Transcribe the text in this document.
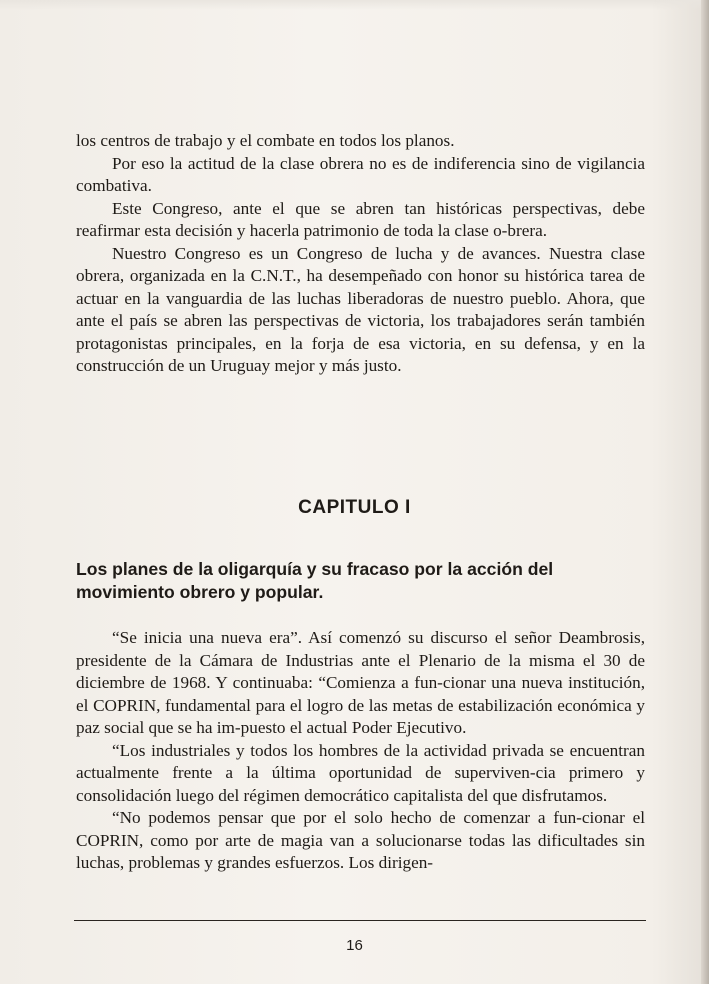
los centros de trabajo y el combate en todos los planos.

Por eso la actitud de la clase obrera no es de indiferencia sino de vigilancia combativa.

Este Congreso, ante el que se abren tan históricas perspectivas, debe reafirmar esta decisión y hacerla patrimonio de toda la clase o-brera.

Nuestro Congreso es un Congreso de lucha y de avances. Nuestra clase obrera, organizada en la C.N.T., ha desempeñado con honor su histórica tarea de actuar en la vanguardia de las luchas liberadoras de nuestro pueblo. Ahora, que ante el país se abren las perspectivas de victoria, los trabajadores serán también protagonistas principales, en la forja de esa victoria, en su defensa, y en la construcción de un Uruguay mejor y más justo.

CAPITULO I
Los planes de la oligarquía y su fracaso por la acción del movimiento obrero y popular.

“Se inicia una nueva era”. Así comenzó su discurso el señor Deambrosis, presidente de la Cámara de Industrias ante el Plenario de la misma el 30 de diciembre de 1968. Y continuaba: “Comienza a fun-cionar una nueva institución, el COPRIN, fundamental para el logro de las metas de estabilización económica y paz social que se ha im-puesto el actual Poder Ejecutivo.

“Los industriales y todos los hombres de la actividad privada se encuentran actualmente frente a la última oportunidad de superviven-cia primero y consolidación luego del régimen democrático capitalista del que disfrutamos.

“No podemos pensar que por el solo hecho de comenzar a fun-cionar el COPRIN, como por arte de magia van a solucionarse todas las dificultades sin luchas, problemas y grandes esfuerzos. Los dirigen-

16
